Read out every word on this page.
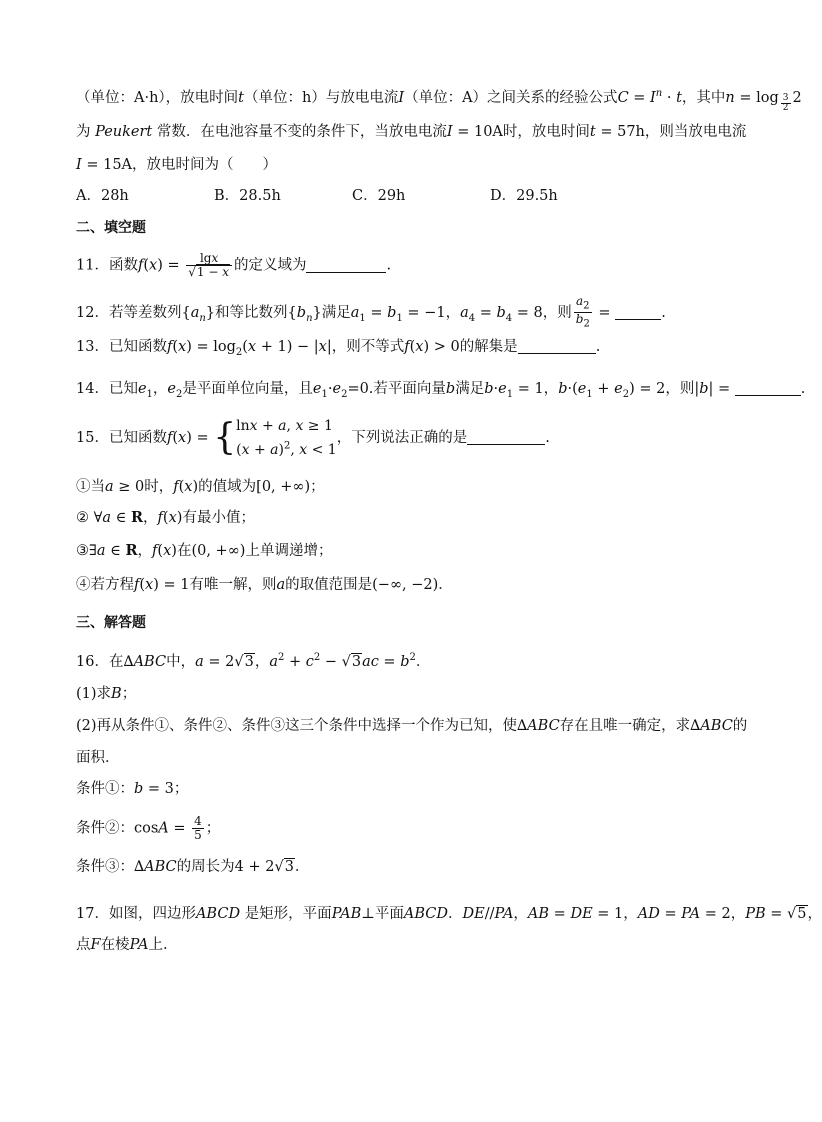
（单位：A·h），放电时间t（单位：h）与放电电流I（单位：A）之间关系的经验公式$C = I^n \cdot t$，其中n = log $_{\frac{3}{2}}$ 2
为 Peukert 常数．在电池容量不变的条件下，当放电电流I = 10A时，放电时间t = 57h，则当放电电流
I = 15A，放电时间为（　　）
A．28h	B．28.5h	C．29h	D．29.5h
二、填空题
11．函数$f(x) = \frac{\lg x}{√1 - x}$ 的定义域为	.
12．若等差数列$\{a_n\}$和等比数列$\{b_n\}$满足$a_1 = b_1 = -1$，$a_4 = b_4 = 8$，则 $\frac{a_2}{b_2}$ =	.
13．已知函数$f(x) = \log_2(x + 1) - |x|$，则不等式f(x) > 0的解集是	.
14．已知$e_1$，$e_2$是平面单位向量，且$e_1\cdot e_2=0$.若平面向量b满足$b\cdot e_1 = 1$，$b\cdot(e_1 + e_2) = 2$，则|b| =	.
15．已知函数f(x) = {lnx + a, x ≥ 1
$(x + a)^2$, x < 1，下列说法正确的是	.
①当a ≥ 0时，f(x)的值域为[0, +∞)；
② ∀a ∈ R，f(x)有最小值；
③∃a ∈ R，f(x)在(0, +∞)上单调递增；
④若方程f(x) = 1有唯一解，则a的取值范围是(−∞, −2)．
三、解答题
16．在∆ABC中，a = 2√3，$a^2 + c^2 - √3ac = b^2$．
(1)求B；
(2)再从条件①、条件②、条件③这三个条件中选择一个作为已知，使∆ABC存在且唯一确定，求∆ABC的
面积．
条件①：b = 3；
条件②：$\cos A = \frac{4}{5}$ ；
条件③：∆ABC的周长为4 + 2√3．
17．如图，四边形ABCD 是矩形，平面PAB⊥平面ABCD．DE//PA，AB = DE = 1，AD = PA = 2，PB = √5，
点F在棱PA上.
